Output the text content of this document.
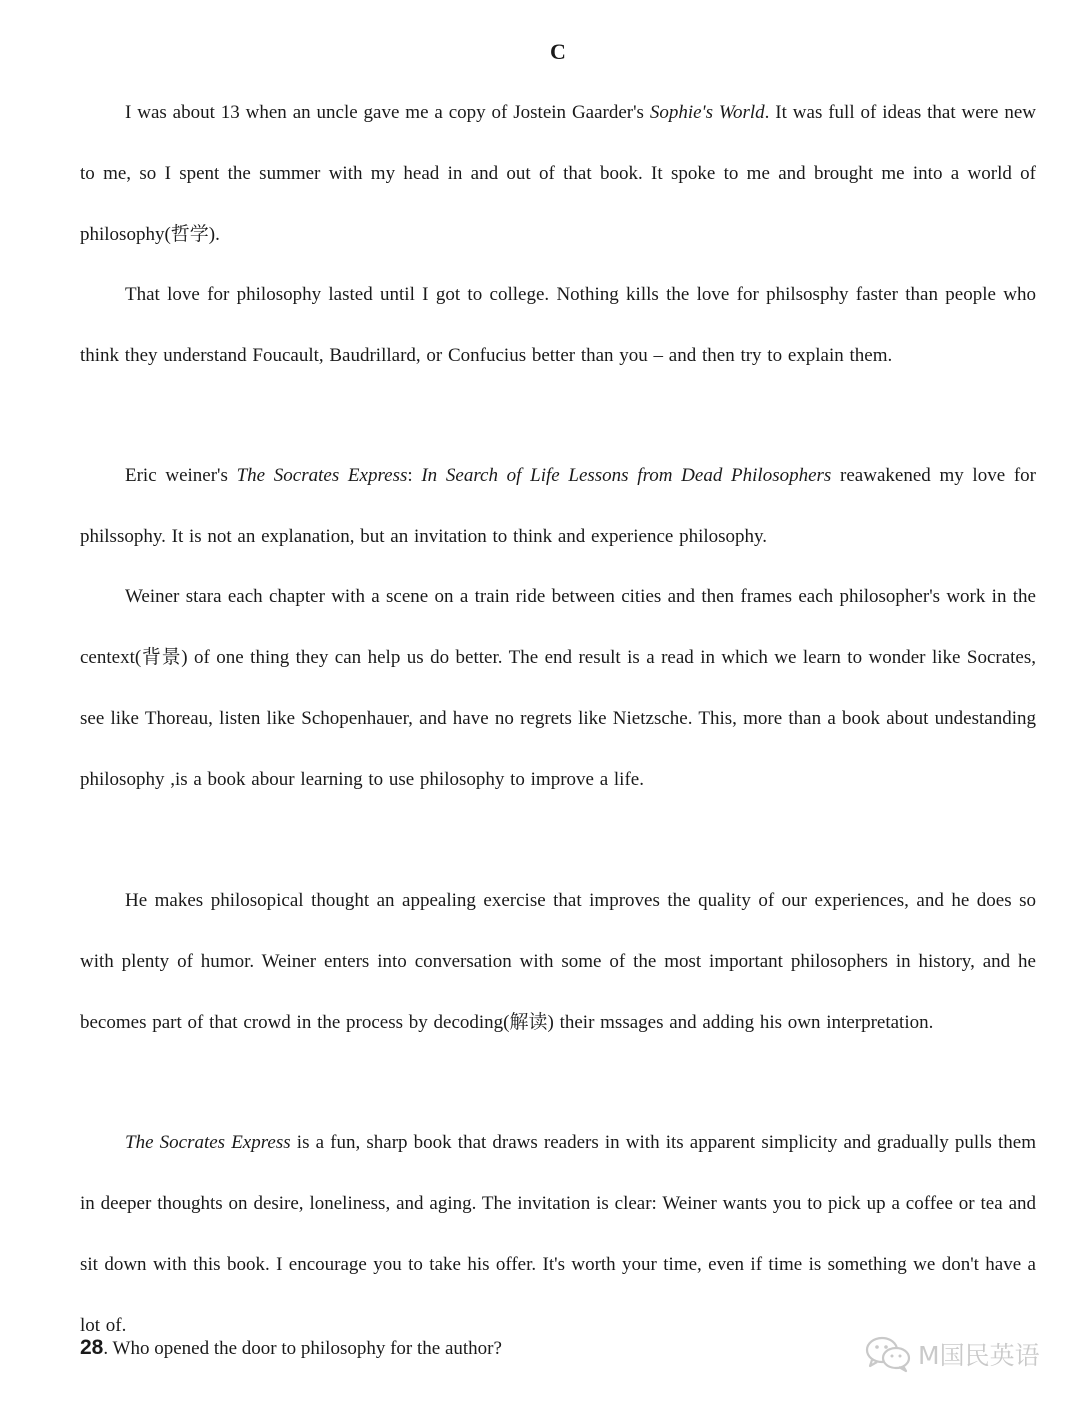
C

I was about 13 when an uncle gave me a copy of Jostein Gaarder's Sophie's World. It was full of ideas that were new to me, so I spent the summer with my head in and out of that book. It spoke to me and brought me into a world of philosophy(哲学).

That love for philosophy lasted until I got to college. Nothing kills the love for philsosphy faster than people who think they understand Foucault, Baudrillard, or Confucius better than you – and then try to explain them.

Eric weiner's The Socrates Express: In Search of Life Lessons from Dead Philosophers reawakened my love for philssophy. It is not an explanation, but an invitation to think and experience philosophy.

Weiner stara each chapter with a scene on a train ride between cities and then frames each philosopher's work in the centext(背景) of one thing they can help us do better. The end result is a read in which we learn to wonder like Socrates, see like Thoreau, listen like Schopenhauer, and have no regrets like Nietzsche. This, more than a book about undestanding philosophy ,is a book abour learning to use philosophy to improve a life.

He makes philosopical thought an appealing exercise that improves the quality of our experiences, and he does so with plenty of humor. Weiner enters into conversation with some of the most important philosophers in history, and he becomes part of that crowd in the process by decoding(解读) their mssages and adding his own interpretation.

The Socrates Express is a fun, sharp book that draws readers in with its apparent simplicity and gradually pulls them in deeper thoughts on desire, loneliness, and aging. The invitation is clear: Weiner wants you to pick up a coffee or tea and sit down with this book. I encourage you to take his offer. It's worth your time, even if time is something we don't have a lot of.

28. Who opened the door to philosophy for the author?	M国民英语
